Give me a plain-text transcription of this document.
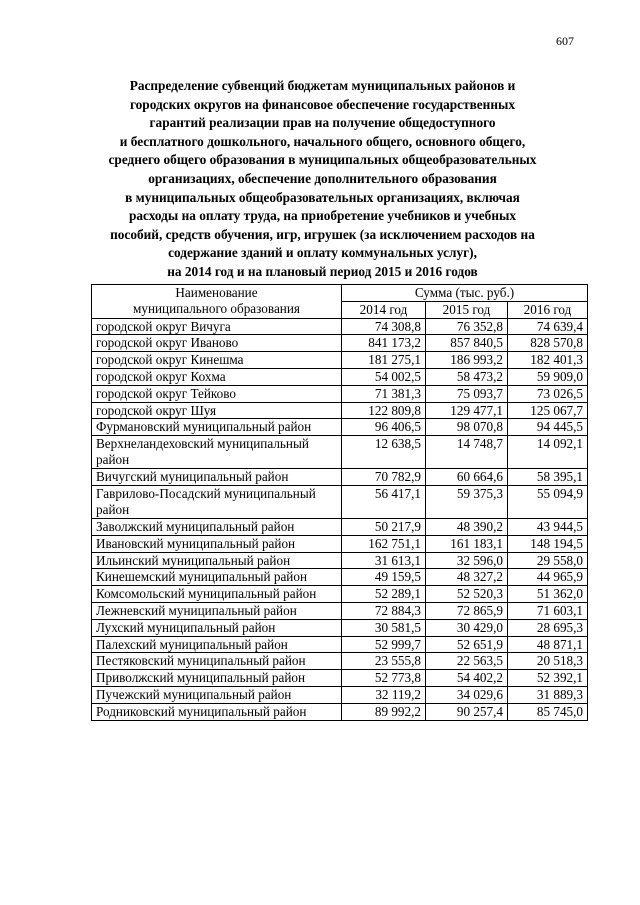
607
Распределение субвенций бюджетам муниципальных районов и
городских округов на финансовое обеспечение государственных
гарантий реализации прав на получение общедоступного
и бесплатного дошкольного, начального общего, основного общего,
среднего общего образования в муниципальных общеобразовательных
организациях, обеспечение дополнительного образования
в муниципальных общеобразовательных организациях, включая
расходы на оплату труда, на приобретение учебников и учебных
пособий, средств обучения, игр, игрушек (за исключением расходов на
содержание зданий и оплату коммунальных услуг),
на 2014 год и на плановый период 2015 и 2016 годов
Наименование
муниципального образования	Сумма (тыс. руб.)		
	2014 год	2015 год	2016 год
городской округ Вичуга	74 308,8	76 352,8	74 639,4
городской округ Иваново	841 173,2	857 840,5	828 570,8
городской округ Кинешма	181 275,1	186 993,2	182 401,3
городской округ Кохма	54 002,5	58 473,2	59 909,0
городской округ Тейково	71 381,3	75 093,7	73 026,5
городской округ Шуя	122 809,8	129 477,1	125 067,7
Фурмановский муниципальный район	96 406,5	98 070,8	94 445,5
Верхнеландеховский муниципальный район	12 638,5	14 748,7	14 092,1
Вичугский муниципальный район	70 782,9	60 664,6	58 395,1
Гаврилово-Посадский муниципальный район	56 417,1	59 375,3	55 094,9
Заволжский муниципальный район	50 217,9	48 390,2	43 944,5
Ивановский муниципальный район	162 751,1	161 183,1	148 194,5
Ильинский муниципальный район	31 613,1	32 596,0	29 558,0
Кинешемский муниципальный район	49 159,5	48 327,2	44 965,9
Комсомольский муниципальный район	52 289,1	52 520,3	51 362,0
Лежневский муниципальный район	72 884,3	72 865,9	71 603,1
Лухский муниципальный район	30 581,5	30 429,0	28 695,3
Палехский муниципальный район	52 999,7	52 651,9	48 871,1
Пестяковский муниципальный район	23 555,8	22 563,5	20 518,3
Приволжский муниципальный район	52 773,8	54 402,2	52 392,1
Пучежский муниципальный район	32 119,2	34 029,6	31 889,3
Родниковский муниципальный район	89 992,2	90 257,4	85 745,0
